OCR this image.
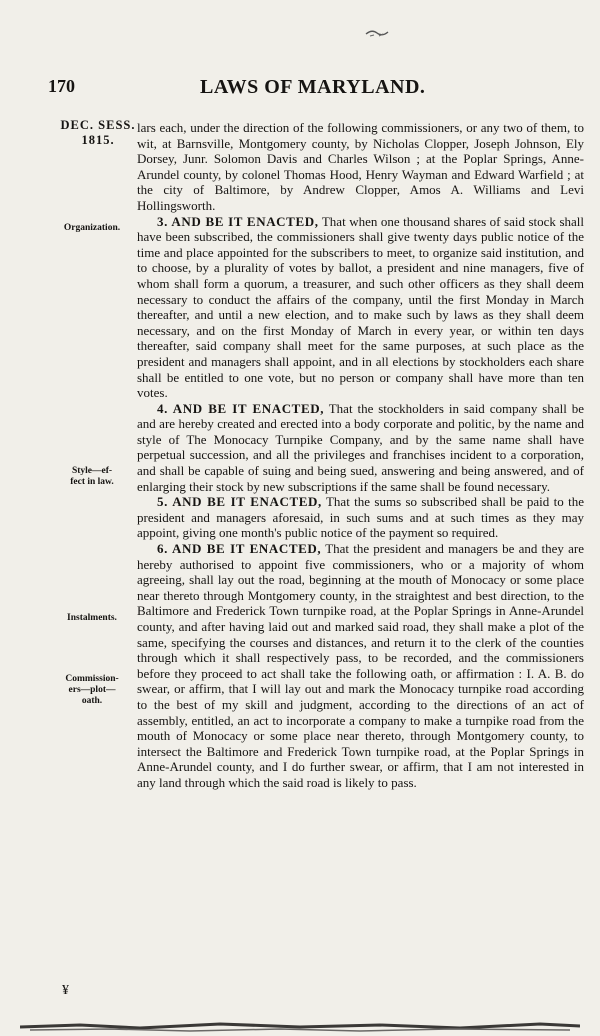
170	LAWS OF MARYLAND.
DEC. SESS.
1815.
Organization.
Style—ef-
fect in law.
Instalments.
Commission-
ers—plot—
oath.
¥

lars each, under the direction of the following commissioners, or any two of them, to wit, at Barnsville, Montgomery county, by Nicholas Clopper, Joseph Johnson, Ely Dorsey, Junr. Solomon Davis and Charles Wilson ; at the Poplar Springs, Anne-Arundel county, by colonel Thomas Hood, Henry Wayman and Edward Warfield ; at the city of Baltimore, by Andrew Clopper, Amos A. Williams and Levi Hollingsworth.

3. AND BE IT ENACTED, That when one thousand shares of said stock shall have been subscribed, the commissioners shall give twenty days public notice of the time and place appointed for the subscribers to meet, to organize said institution, and to choose, by a plurality of votes by ballot, a president and nine managers, five of whom shall form a quorum, a treasurer, and such other officers as they shall deem necessary to conduct the affairs of the company, until the first Monday in March thereafter, and until a new election, and to make such by laws as they shall deem necessary, and on the first Monday of March in every year, or within ten days thereafter, said company shall meet for the same purposes, at such place as the president and managers shall appoint, and in all elections by stockholders each share shall be entitled to one vote, but no person or company shall have more than ten votes.

4. AND BE IT ENACTED, That the stockholders in said company shall be and are hereby created and erected into a body corporate and politic, by the name and style of The Monocacy Turnpike Company, and by the same name shall have perpetual succession, and all the privileges and franchises incident to a corporation, and shall be capable of suing and being sued, answering and being answered, and of enlarging their stock by new subscriptions if the same shall be found necessary.

5. AND BE IT ENACTED, That the sums so subscribed shall be paid to the president and managers aforesaid, in such sums and at such times as they may appoint, giving one month's public notice of the payment so required.

6. AND BE IT ENACTED, That the president and managers be and they are hereby authorised to appoint five commissioners, who or a majority of whom agreeing, shall lay out the road, beginning at the mouth of Monocacy or some place near thereto through Montgomery county, in the straightest and best direction, to the Baltimore and Frederick Town turnpike road, at the Poplar Springs in Anne-Arundel county, and after having laid out and marked said road, they shall make a plot of the same, specifying the courses and distances, and return it to the clerk of the counties through which it shall respectively pass, to be recorded, and the commissioners before they proceed to act shall take the following oath, or affirmation : I. A. B. do swear, or affirm, that I will lay out and mark the Monocacy turnpike road according to the best of my skill and judgment, according to the directions of an act of assembly, entitled, an act to incorporate a company to make a turnpike road from the mouth of Monocacy or some place near thereto, through Montgomery county, to intersect the Baltimore and Frederick Town turnpike road, at the Poplar Springs in Anne-Arundel county, and I do further swear, or affirm, that I am not interested in any land through which the said road is likely to pass.
